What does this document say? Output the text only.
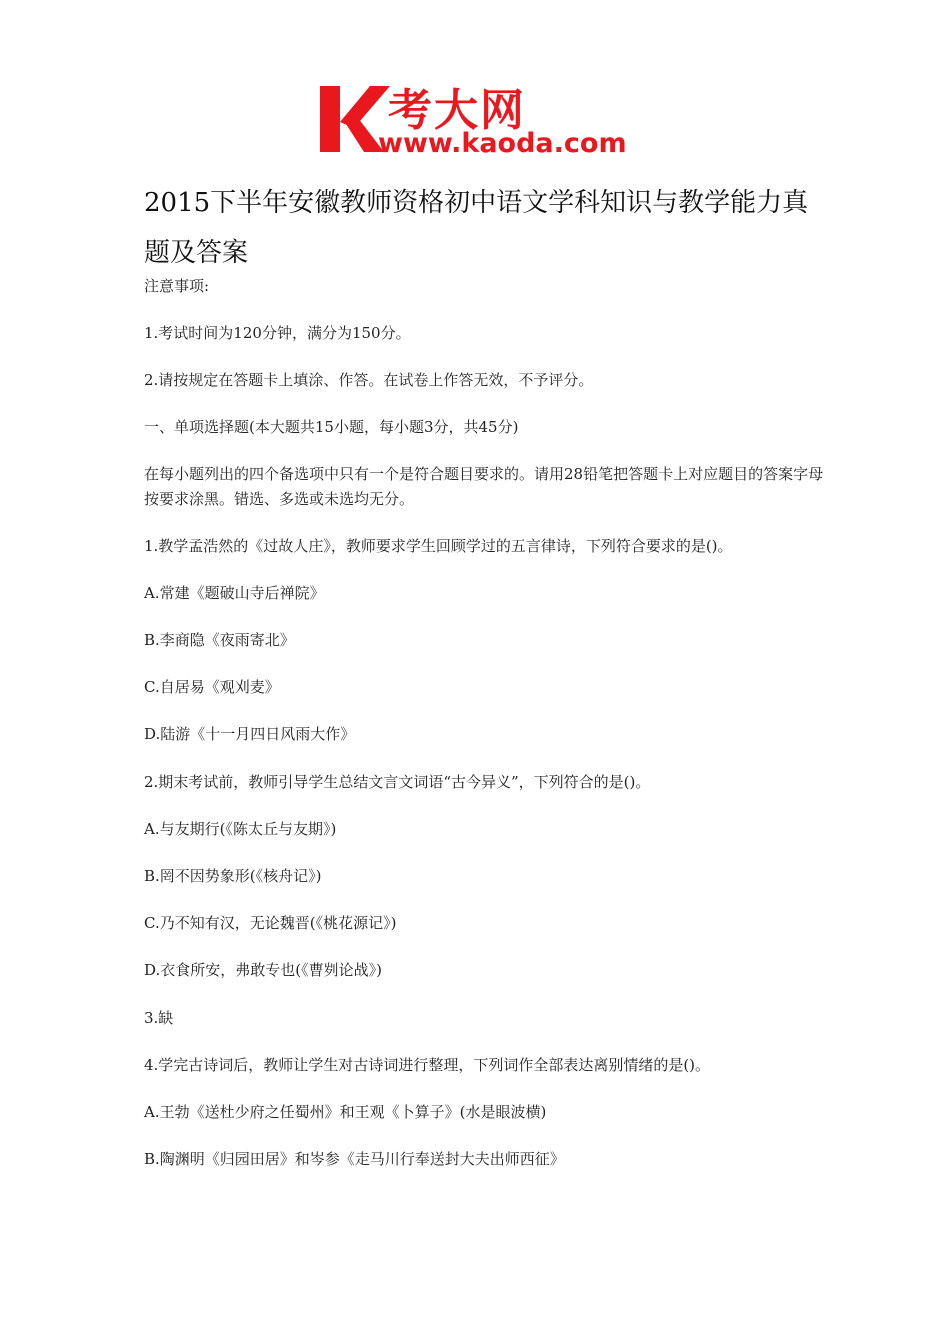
考大网
www.kaoda.com
2015下半年安徽教师资格初中语文学科知识与教学能力真题及答案

注意事项:

1.考试时间为120分钟，满分为150分。

2.请按规定在答题卡上填涂、作答。在试卷上作答无效，不予评分。

一、单项选择题(本大题共15小题，每小题3分，共45分)

在每小题列出的四个备选项中只有一个是符合题目要求的。请用28铅笔把答题卡上对应题目的答案字母按要求涂黑。错选、多选或未选均无分。

1.教学孟浩然的《过故人庄》，教师要求学生回顾学过的五言律诗，下列符合要求的是()。

A.常建《题破山寺后禅院》

B.李商隐《夜雨寄北》

C.自居易《观刈麦》

D.陆游《十一月四日风雨大作》

2.期末考试前，教师引导学生总结文言文词语“古今异义”，下列符合的是()。

A.与友期行(《陈太丘与友期》)

B.罔不因势象形(《核舟记》)

C.乃不知有汉，无论魏晋(《桃花源记》)

D.衣食所安，弗敢专也(《曹刿论战》)

3.缺

4.学完古诗词后，教师让学生对古诗词进行整理，下列词作全部表达离别情绪的是()。

A.王勃《送杜少府之任蜀州》和王观《卜算子》(水是眼波横)

B.陶渊明《归园田居》和岑参《走马川行奉送封大夫出师西征》
